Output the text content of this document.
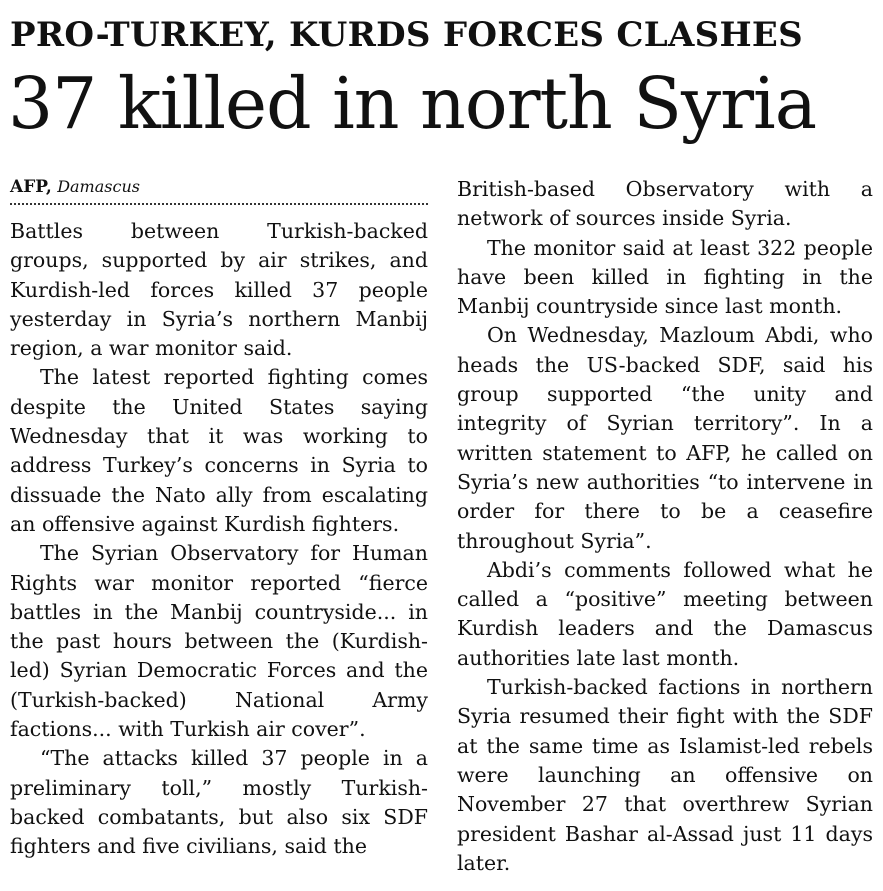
PRO-TURKEY, KURDS FORCES CLASHES
37 killed in north Syria
AFP, Damascus

Battles between Turkish-backed groups, supported by air strikes, and Kurdish-led forces killed 37 people yesterday in Syria’s northern Manbij region, a war monitor said.

The latest reported fighting comes despite the United States saying Wednesday that it was working to address Turkey’s concerns in Syria to dissuade the Nato ally from escalating an offensive against Kurdish fighters.

The Syrian Observatory for Human Rights war monitor reported “fierce battles in the Manbij countryside... in the past hours between the (Kurdish-led) Syrian Democratic Forces and the (Turkish-backed) National Army factions... with Turkish air cover”.

“The attacks killed 37 people in a preliminary toll,” mostly Turkish-backed combatants, but also six SDF fighters and five civilians, said the

British-based Observatory with a network of sources inside Syria.

The monitor said at least 322 people have been killed in fighting in the Manbij countryside since last month.

On Wednesday, Mazloum Abdi, who heads the US-backed SDF, said his group supported “the unity and integrity of Syrian territory”. In a written statement to AFP, he called on Syria’s new authorities “to intervene in order for there to be a ceasefire throughout Syria”.

Abdi’s comments followed what he called a “positive” meeting between Kurdish leaders and the Damascus authorities late last month.

Turkish-backed factions in northern Syria resumed their fight with the SDF at the same time as Islamist-led rebels were launching an offensive on November 27 that overthrew Syrian president Bashar al-Assad just 11 days later.
